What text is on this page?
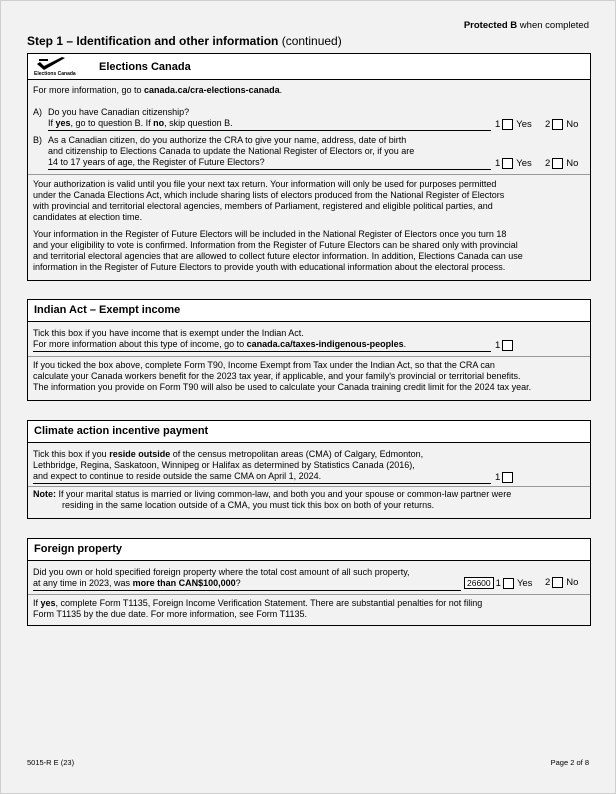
Protected B when completed
Step 1 – Identification and other information (continued)
Elections Canada
Elections Canada
For more information, go to canada.ca/cra-elections-canada.
A) Do you have Canadian citizenship?
If yes, go to question B. If no, skip question B.	1 Yes 2 No
B) As a Canadian citizen, do you authorize the CRA to give your name, address, date of birth
and citizenship to Elections Canada to update the National Register of Electors or, if you are
14 to 17 years of age, the Register of Future Electors?	1 Yes 2 No
Your authorization is valid until you file your next tax return. Your information will only be used for purposes permitted
under the Canada Elections Act, which include sharing lists of electors produced from the National Register of Electors
with provincial and territorial electoral agencies, members of Parliament, registered and eligible political parties, and
candidates at election time.
Your information in the Register of Future Electors will be included in the National Register of Electors once you turn 18
and your eligibility to vote is confirmed. Information from the Register of Future Electors can be shared only with provincial
and territorial electoral agencies that are allowed to collect future elector information. In addition, Elections Canada can use
information in the Register of Future Electors to provide youth with educational information about the electoral process.
Indian Act – Exempt income
Tick this box if you have income that is exempt under the Indian Act.
For more information about this type of income, go to canada.ca/taxes-indigenous-peoples.	1
If you ticked the box above, complete Form T90, Income Exempt from Tax under the Indian Act, so that the CRA can
calculate your Canada workers benefit for the 2023 tax year, if applicable, and your family's provincial or territorial benefits.
The information you provide on Form T90 will also be used to calculate your Canada training credit limit for the 2024 tax year.
Climate action incentive payment
Tick this box if you reside outside of the census metropolitan areas (CMA) of Calgary, Edmonton,
Lethbridge, Regina, Saskatoon, Winnipeg or Halifax as determined by Statistics Canada (2016),
and expect to continue to reside outside the same CMA on April 1, 2024.	1
Note: If your marital status is married or living common-law, and both you and your spouse or common-law partner were
residing in the same location outside of a CMA, you must tick this box on both of your returns.
Foreign property
Did you own or hold specified foreign property where the total cost amount of all such property,
at any time in 2023, was more than CAN$100,000?	26600 1 Yes 2 No
If yes, complete Form T1135, Foreign Income Verification Statement. There are substantial penalties for not filing
Form T1135 by the due date. For more information, see Form T1135.
5015-R E (23)	Page 2 of 8
